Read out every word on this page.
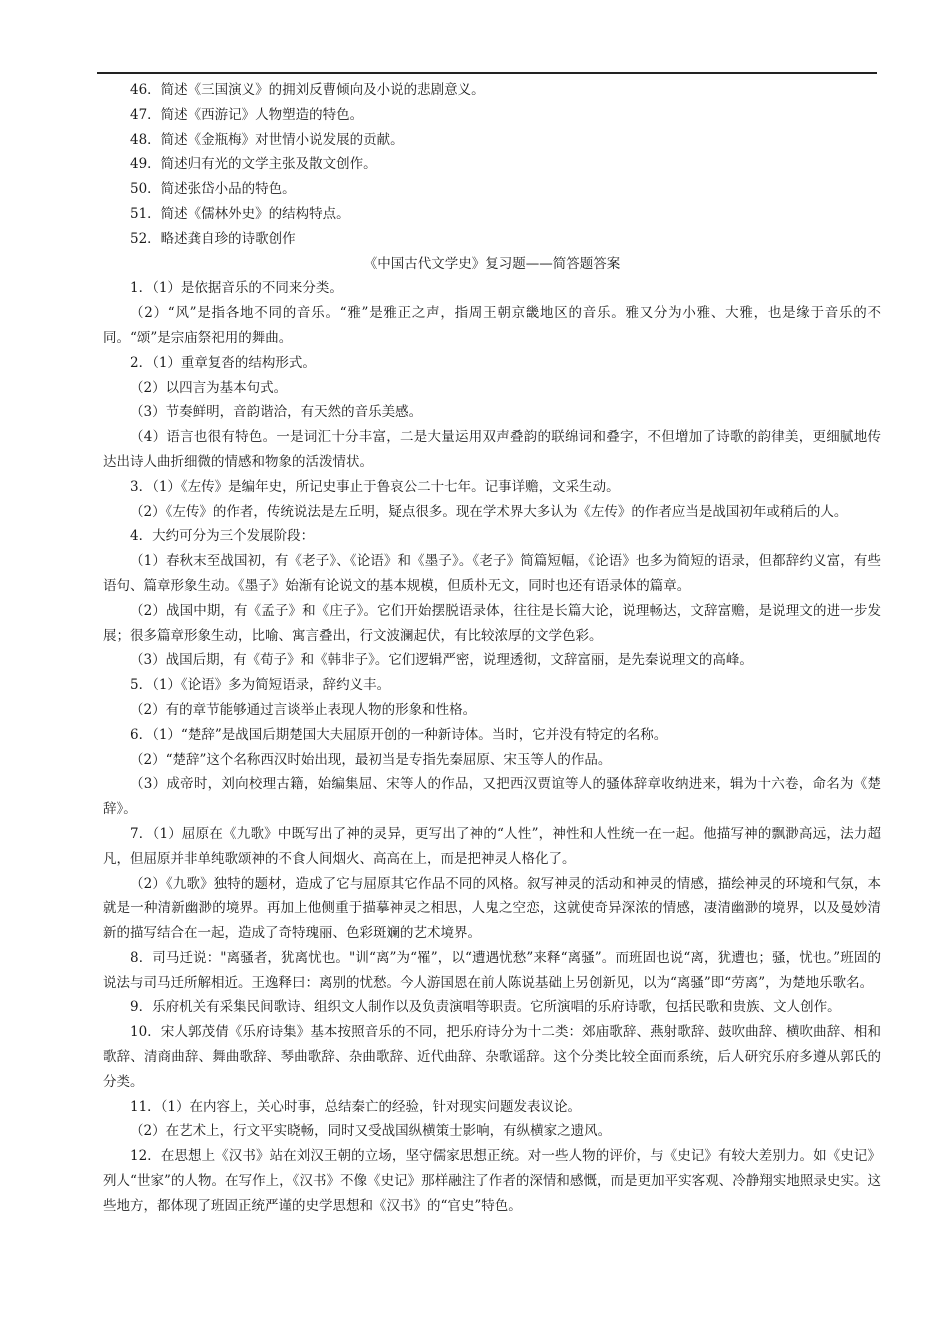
46．简述《三国演义》的拥刘反曹倾向及小说的悲剧意义。

47．简述《西游记》人物塑造的特色。

48．简述《金瓶梅》对世情小说发展的贡献。

49．简述归有光的文学主张及散文创作。

50．简述张岱小品的特色。

51．简述《儒林外史》的结构特点。

52．略述龚自珍的诗歌创作

《中国古代文学史》复习题——简答题答案

1．（1）是依据音乐的不同来分类。

（2）“风”是指各地不同的音乐。“雅”是雅正之声，指周王朝京畿地区的音乐。雅又分为小雅、大雅，也是缘于音乐的不同。“颂”是宗庙祭祀用的舞曲。

2．（1）重章复沓的结构形式。

（2）以四言为基本句式。

（3）节奏鲜明，音韵谐洽，有天然的音乐美感。

（4）语言也很有特色。一是词汇十分丰富，二是大量运用双声叠韵的联绵词和叠字，不但增加了诗歌的韵律美，更细腻地传达出诗人曲折细微的情感和物象的活泼情状。

3．（1）《左传》是编年史，所记史事止于鲁哀公二十七年。记事详赡，文采生动。

（2）《左传》的作者，传统说法是左丘明，疑点很多。现在学术界大多认为《左传》的作者应当是战国初年或稍后的人。

4．大约可分为三个发展阶段：

（1）春秋末至战国初，有《老子》、《论语》和《墨子》。《老子》简篇短幅，《论语》也多为简短的语录，但都辞约义富，有些语句、篇章形象生动。《墨子》始渐有论说文的基本规模，但质朴无文，同时也还有语录体的篇章。

（2）战国中期，有《孟子》和《庄子》。它们开始摆脱语录体，往往是长篇大论，说理畅达，文辞富赡，是说理文的进一步发展；很多篇章形象生动，比喻、寓言叠出，行文波澜起伏，有比较浓厚的文学色彩。

（3）战国后期，有《荀子》和《韩非子》。它们逻辑严密，说理透彻，文辞富丽，是先秦说理文的高峰。

5．（1）《论语》多为简短语录，辞约义丰。

（2）有的章节能够通过言谈举止表现人物的形象和性格。

6．（1）“楚辞”是战国后期楚国大夫屈原开创的一种新诗体。当时，它并没有特定的名称。

（2）“楚辞”这个名称西汉时始出现，最初当是专指先秦屈原、宋玉等人的作品。

（3）成帝时，刘向校理古籍，始编集屈、宋等人的作品，又把西汉贾谊等人的骚体辞章收纳进来，辑为十六卷，命名为《楚辞》。

7．（1）屈原在《九歌》中既写出了神的灵异，更写出了神的“人性”，神性和人性统一在一起。他描写神的飘渺高远，法力超凡，但屈原并非单纯歌颂神的不食人间烟火、高高在上，而是把神灵人格化了。

（2）《九歌》独特的题材，造成了它与屈原其它作品不同的风格。叙写神灵的活动和神灵的情感，描绘神灵的环境和气氛，本就是一种清新幽渺的境界。再加上他侧重于描摹神灵之相思，人鬼之空恋，这就使奇异深浓的情感，凄清幽渺的境界，以及曼妙清新的描写结合在一起，造成了奇特瑰丽、色彩斑斓的艺术境界。

8．司马迁说："离骚者，犹离忧也。"训“离”为“罹”，以“遭遇忧愁”来释“离骚”。而班固也说“离，犹遭也；骚，忧也。”班固的说法与司马迁所解相近。王逸释曰：离别的忧愁。今人游国恩在前人陈说基础上另创新见，以为“离骚”即“劳离”，为楚地乐歌名。

9．乐府机关有采集民间歌诗、组织文人制作以及负责演唱等职责。它所演唱的乐府诗歌，包括民歌和贵族、文人创作。

10．宋人郭茂倩《乐府诗集》基本按照音乐的不同，把乐府诗分为十二类：郊庙歌辞、燕射歌辞、鼓吹曲辞、横吹曲辞、相和歌辞、清商曲辞、舞曲歌辞、琴曲歌辞、杂曲歌辞、近代曲辞、杂歌谣辞。这个分类比较全面而系统，后人研究乐府多遵从郭氏的分类。

11．（1）在内容上，关心时事，总结秦亡的经验，针对现实问题发表议论。

（2）在艺术上，行文平实晓畅，同时又受战国纵横策士影响，有纵横家之遗风。

12．在思想上《汉书》站在刘汉王朝的立场，坚守儒家思想正统。对一些人物的评价，与《史记》有较大差别力。如《史记》列人“世家”的人物。在写作上，《汉书》不像《史记》那样融注了作者的深情和感慨，而是更加平实客观、冷静翔实地照录史实。这些地方，都体现了班固正统严谨的史学思想和《汉书》的“官史”特色。
